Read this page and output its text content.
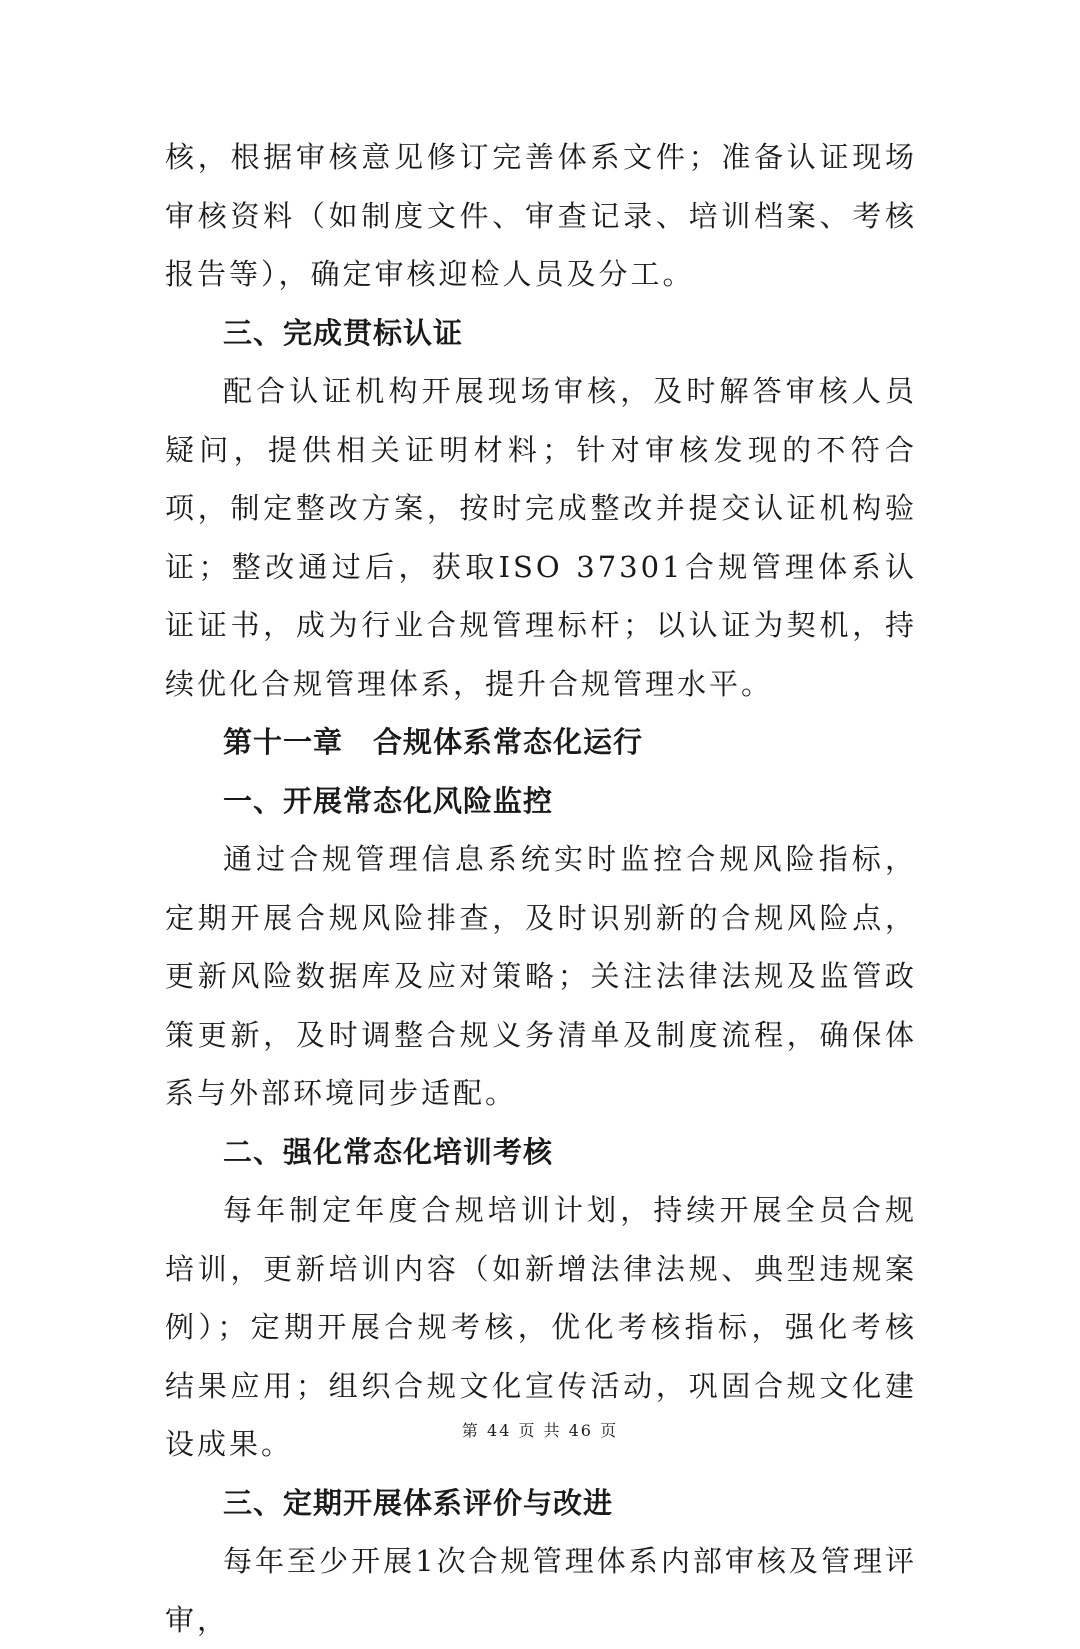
核，根据审核意见修订完善体系文件；准备认证现场审核资料（如制度文件、审查记录、培训档案、考核报告等），确定审核迎检人员及分工。

三、完成贯标认证

配合认证机构开展现场审核，及时解答审核人员疑问，提供相关证明材料；针对审核发现的不符合项，制定整改方案，按时完成整改并提交认证机构验证；整改通过后，获取ISO 37301合规管理体系认证证书，成为行业合规管理标杆；以认证为契机，持续优化合规管理体系，提升合规管理水平。

第十一章　合规体系常态化运行
一、开展常态化风险监控

通过合规管理信息系统实时监控合规风险指标，定期开展合规风险排查，及时识别新的合规风险点，更新风险数据库及应对策略；关注法律法规及监管政策更新，及时调整合规义务清单及制度流程，确保体系与外部环境同步适配。

二、强化常态化培训考核

每年制定年度合规培训计划，持续开展全员合规培训，更新培训内容（如新增法律法规、典型违规案例）；定期开展合规考核，优化考核指标，强化考核结果应用；组织合规文化宣传活动，巩固合规文化建设成果。

三、定期开展体系评价与改进

每年至少开展1次合规管理体系内部审核及管理评审，

第 44 页 共 46 页
